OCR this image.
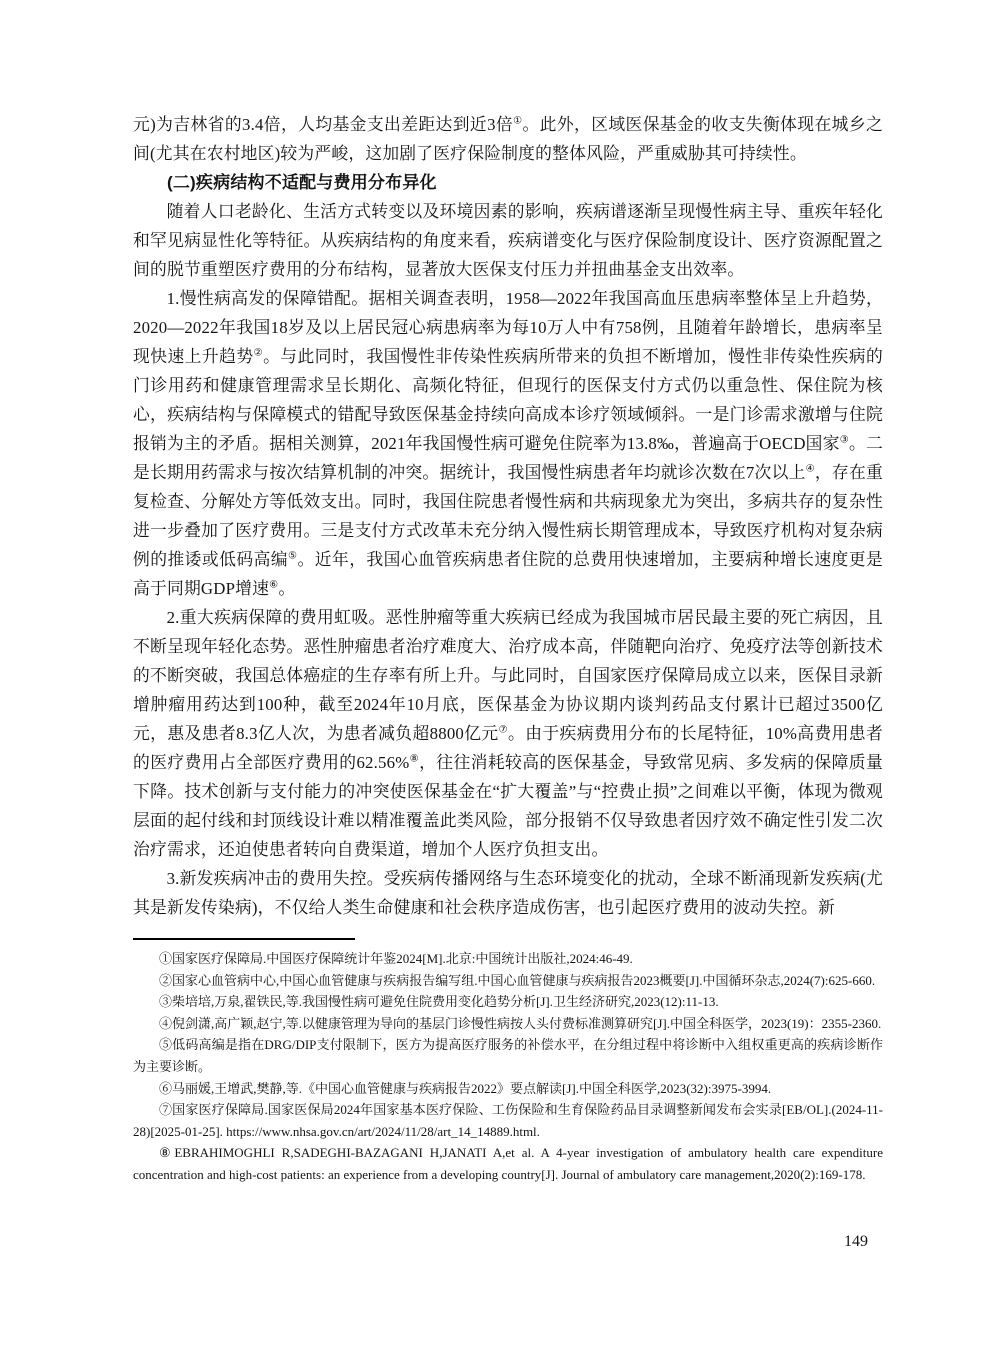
元)为吉林省的3.4倍，人均基金支出差距达到近3倍①。此外，区域医保基金的收支失衡体现在城乡之间(尤其在农村地区)较为严峻，这加剧了医疗保险制度的整体风险，严重威胁其可持续性。

(二)疾病结构不适配与费用分布异化

随着人口老龄化、生活方式转变以及环境因素的影响，疾病谱逐渐呈现慢性病主导、重疾年轻化和罕见病显性化等特征。从疾病结构的角度来看，疾病谱变化与医疗保险制度设计、医疗资源配置之间的脱节重塑医疗费用的分布结构，显著放大医保支付压力并扭曲基金支出效率。

1.慢性病高发的保障错配。据相关调查表明，1958—2022年我国高血压患病率整体呈上升趋势，2020—2022年我国18岁及以上居民冠心病患病率为每10万人中有758例，且随着年龄增长，患病率呈现快速上升趋势②。与此同时，我国慢性非传染性疾病所带来的负担不断增加，慢性非传染性疾病的门诊用药和健康管理需求呈长期化、高频化特征，但现行的医保支付方式仍以重急性、保住院为核心，疾病结构与保障模式的错配导致医保基金持续向高成本诊疗领域倾斜。一是门诊需求激增与住院报销为主的矛盾。据相关测算，2021年我国慢性病可避免住院率为13.8‰，普遍高于OECD国家③。二是长期用药需求与按次结算机制的冲突。据统计，我国慢性病患者年均就诊次数在7次以上④，存在重复检查、分解处方等低效支出。同时，我国住院患者慢性病和共病现象尤为突出，多病共存的复杂性进一步叠加了医疗费用。三是支付方式改革未充分纳入慢性病长期管理成本，导致医疗机构对复杂病例的推诿或低码高编⑤。近年，我国心血管疾病患者住院的总费用快速增加，主要病种增长速度更是高于同期GDP增速⑥。

2.重大疾病保障的费用虹吸。恶性肿瘤等重大疾病已经成为我国城市居民最主要的死亡病因，且不断呈现年轻化态势。恶性肿瘤患者治疗难度大、治疗成本高，伴随靶向治疗、免疫疗法等创新技术的不断突破，我国总体癌症的生存率有所上升。与此同时，自国家医疗保障局成立以来，医保目录新增肿瘤用药达到100种，截至2024年10月底，医保基金为协议期内谈判药品支付累计已超过3500亿元，惠及患者8.3亿人次，为患者减负超8800亿元⑦。由于疾病费用分布的长尾特征，10%高费用患者的医疗费用占全部医疗费用的62.56%⑧，往往消耗较高的医保基金，导致常见病、多发病的保障质量下降。技术创新与支付能力的冲突使医保基金在“扩大覆盖”与“控费止损”之间难以平衡，体现为微观层面的起付线和封顶线设计难以精准覆盖此类风险，部分报销不仅导致患者因疗效不确定性引发二次治疗需求，还迫使患者转向自费渠道，增加个人医疗负担支出。

3.新发疾病冲击的费用失控。受疾病传播网络与生态环境变化的扰动，全球不断涌现新发疾病(尤其是新发传染病)，不仅给人类生命健康和社会秩序造成伤害，也引起医疗费用的波动失控。新

①国家医疗保障局.中国医疗保障统计年鉴2024[M].北京:中国统计出版社,2024:46-49.

②国家心血管病中心,中国心血管健康与疾病报告编写组.中国心血管健康与疾病报告2023概要[J].中国循环杂志,2024(7):625-660.

③柴培培,万泉,翟铁民,等.我国慢性病可避免住院费用变化趋势分析[J].卫生经济研究,2023(12):11-13.

④倪剑潇,高广颖,赵宁,等.以健康管理为导向的基层门诊慢性病按人头付费标准测算研究[J].中国全科医学，2023(19)：2355-2360.

⑤低码高编是指在DRG/DIP支付限制下，医方为提高医疗服务的补偿水平，在分组过程中将诊断中入组权重更高的疾病诊断作为主要诊断。

⑥马丽媛,王增武,樊静,等.《中国心血管健康与疾病报告2022》要点解读[J].中国全科医学,2023(32):3975-3994.

⑦国家医疗保障局.国家医保局2024年国家基本医疗保险、工伤保险和生育保险药品目录调整新闻发布会实录[EB/OL].(2024-11-28)[2025-01-25]. https://www.nhsa.gov.cn/art/2024/11/28/art_14_14889.html.

⑧EBRAHIMOGHLI R,SADEGHI-BAZAGANI H,JANATI A,et al. A 4-year investigation of ambulatory health care expenditure concentration and high-cost patients: an experience from a developing country[J]. Journal of ambulatory care management,2020(2):169-178.

149
